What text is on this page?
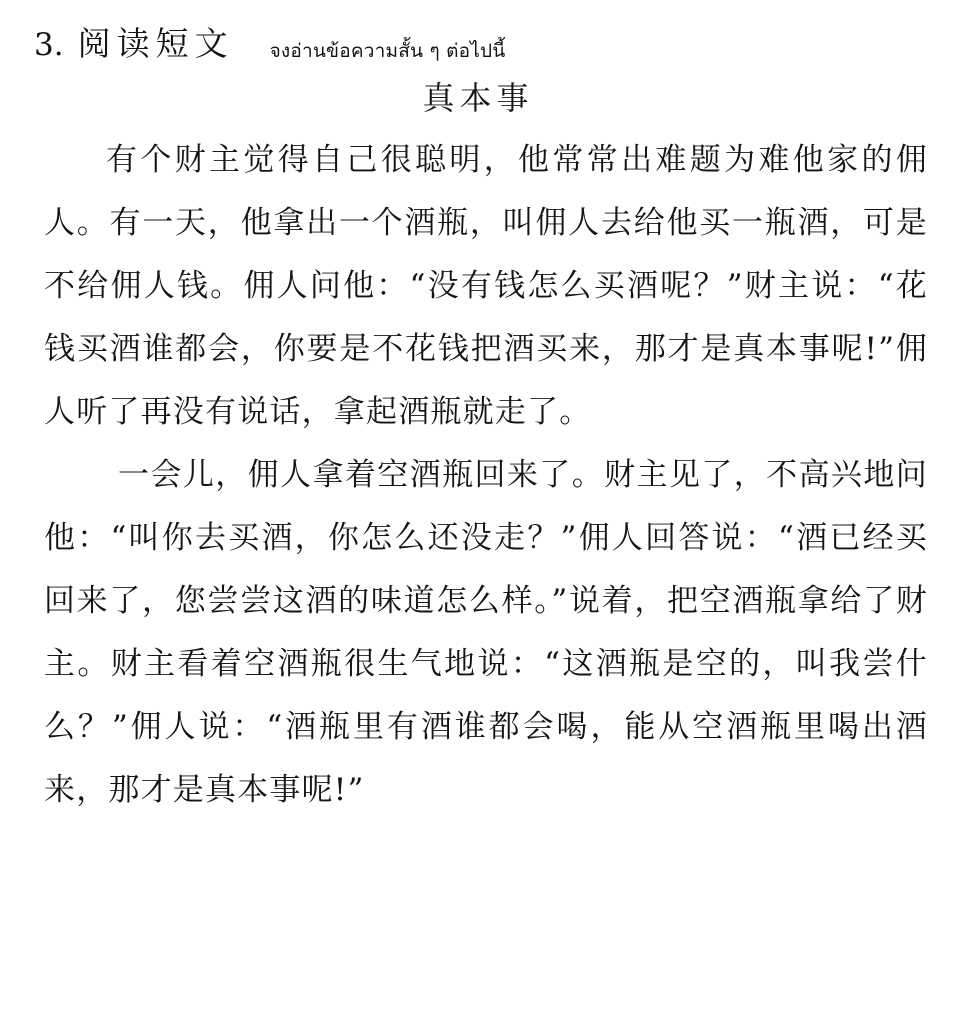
3. 阅读短文 จงอ่านข้อความสั้น ๆ ต่อไปนี้
真本事

有个财主觉得自己很聪明，他常常出难题为难他家的佣人。有一天，他拿出一个酒瓶，叫佣人去给他买一瓶酒，可是不给佣人钱。佣人问他：“没有钱怎么买酒呢？”财主说：“花钱买酒谁都会，你要是不花钱把酒买来，那才是真本事呢!”佣人听了再没有说话，拿起酒瓶就走了。

一会儿，佣人拿着空酒瓶回来了。财主见了，不高兴地问他：“叫你去买酒，你怎么还没走？”佣人回答说：“酒已经买回来了，您尝尝这酒的味道怎么样。”说着，把空酒瓶拿给了财主。财主看着空酒瓶很生气地说：“这酒瓶是空的，叫我尝什么？”佣人说：“酒瓶里有酒谁都会喝，能从空酒瓶里喝出酒来，那才是真本事呢!”
